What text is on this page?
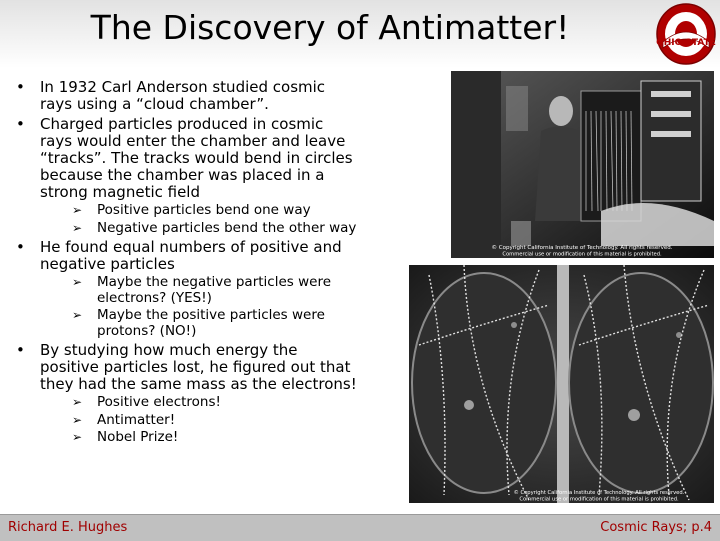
The Discovery of Antimatter!	OHIO STATE
• In 1932 Carl Anderson studied cosmic rays using a “cloud chamber”.
• Charged particles produced in cosmic rays would enter the chamber and leave “tracks”. The tracks would bend in circles because the chamber was placed in a strong magnetic field
➢ Positive particles bend one way
➢ Negative particles bend the other way
• He found equal numbers of positive and negative particles
➢ Maybe the negative particles were electrons? (YES!)
➢ Maybe the positive particles were protons? (NO!)
• By studying how much energy the positive particles lost, he figured out that they had the same mass as the electrons!
➢ Positive electrons!
➢ Antimatter!
➢ Nobel Prize!
© Copyright California Institute of Technology. All rights reserved.
Commercial use or modification of this material is prohibited.
© Copyright California Institute of Technology. All rights reserved.
Commercial use or modification of this material is prohibited.
Richard E. Hughes	Cosmic Rays; p.4
